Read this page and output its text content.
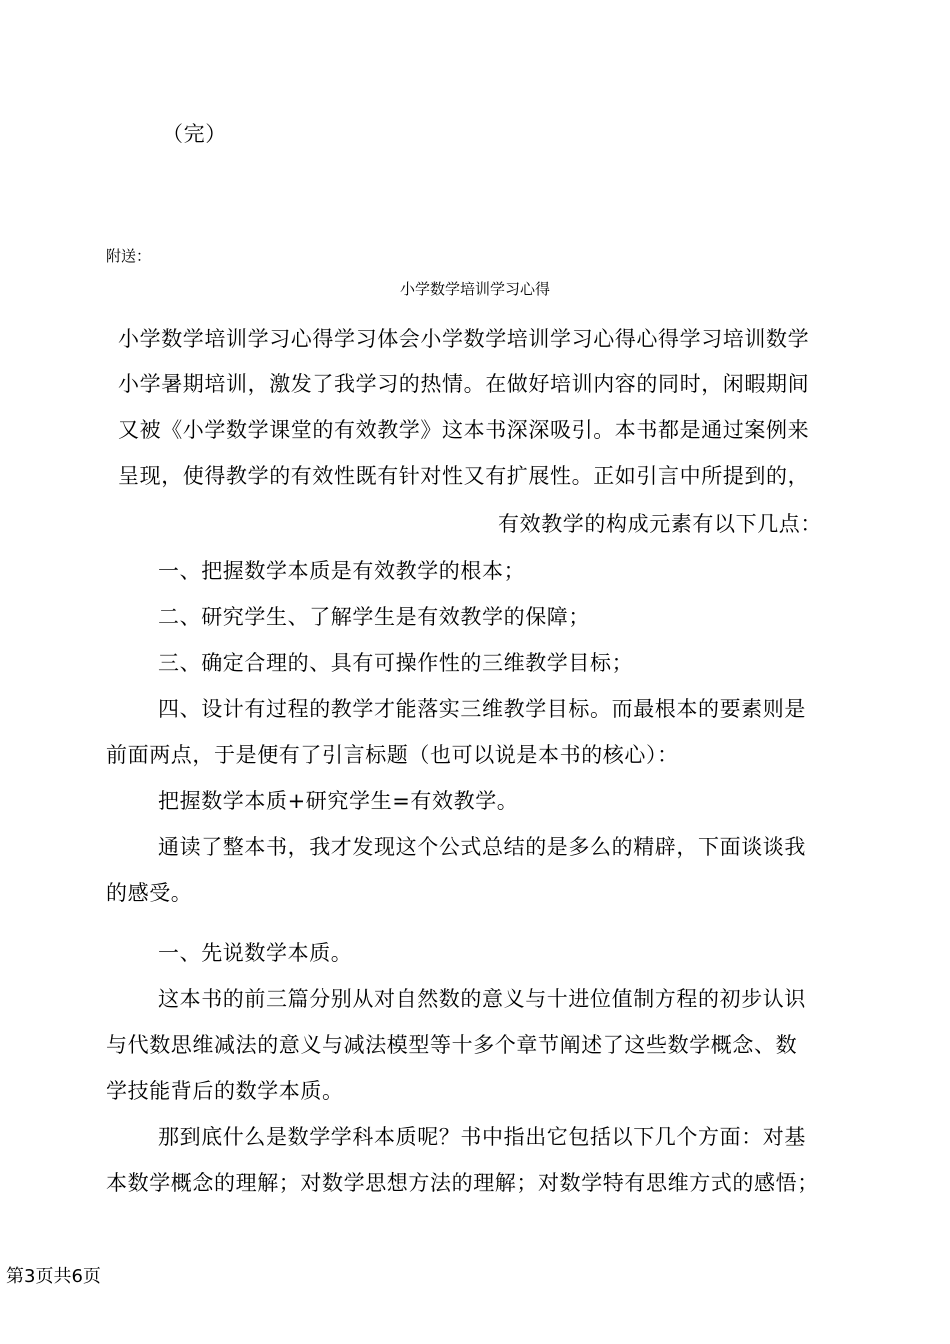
（完）

附送：

小学数学培训学习心得

小学数学培训学习心得学习体会小学数学培训学习心得心得学习培训数学

小学暑期培训，激发了我学习的热情。在做好培训内容的同时，闲暇期间

又被《小学数学课堂的有效教学》这本书深深吸引。本书都是通过案例来

呈现，使得教学的有效性既有针对性又有扩展性。正如引言中所提到的，

有效教学的构成元素有以下几点：

一、把握数学本质是有效教学的根本；

二、研究学生、了解学生是有效教学的保障；

三、确定合理的、具有可操作性的三维教学目标；

四、设计有过程的教学才能落实三维教学目标。而最根本的要素则是

前面两点，于是便有了引言标题（也可以说是本书的核心）：

把握数学本质+研究学生=有效教学。

通读了整本书，我才发现这个公式总结的是多么的精辟，下面谈谈我

的感受。

一、先说数学本质。

这本书的前三篇分别从对自然数的意义与十进位值制方程的初步认识

与代数思维减法的意义与减法模型等十多个章节阐述了这些数学概念、数

学技能背后的数学本质。

那到底什么是数学学科本质呢？书中指出它包括以下几个方面：对基

本数学概念的理解；对数学思想方法的理解；对数学特有思维方式的感悟；

第3页共6页
